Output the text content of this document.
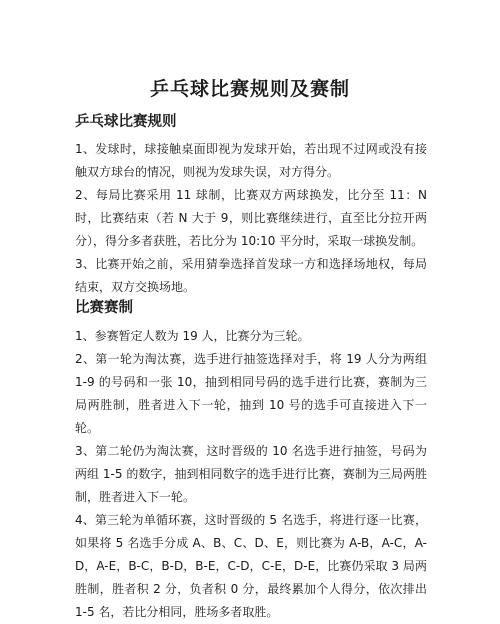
乒乓球比赛规则及赛制
乒乓球比赛规则

1、发球时，球接触桌面即视为发球开始，若出现不过网或没有接触双方球台的情况，则视为发球失误，对方得分。

2、每局比赛采用 11 球制，比赛双方两球换发，比分至 11：N 时，比赛结束（若 N 大于 9，则比赛继续进行，直至比分拉开两分），得分多者获胜，若比分为 10:10 平分时，采取一球换发制。

3、比赛开始之前，采用猜拳选择首发球一方和选择场地权，每局结束，双方交换场地。

比赛赛制

1、参赛暂定人数为 19 人，比赛分为三轮。

2、第一轮为淘汰赛，选手进行抽签选择对手，将 19 人分为两组 1-9 的号码和一张 10，抽到相同号码的选手进行比赛，赛制为三局两胜制，胜者进入下一轮，抽到 10 号的选手可直接进入下一轮。

3、第二轮仍为淘汰赛，这时晋级的 10 名选手进行抽签，号码为两组 1-5 的数字，抽到相同数字的选手进行比赛，赛制为三局两胜制，胜者进入下一轮。

4、第三轮为单循环赛，这时晋级的 5 名选手，将进行逐一比赛，如果将 5 名选手分成 A、B、C、D、E，则比赛为 A-B，A-C，A-D，A-E，B-C，B-D，B-E，C-D，C-E，D-E，比赛仍采取 3 局两胜制，胜者积 2 分，负者积 0 分，最终累加个人得分，依次排出 1-5 名，若比分相同，胜场多者取胜。
